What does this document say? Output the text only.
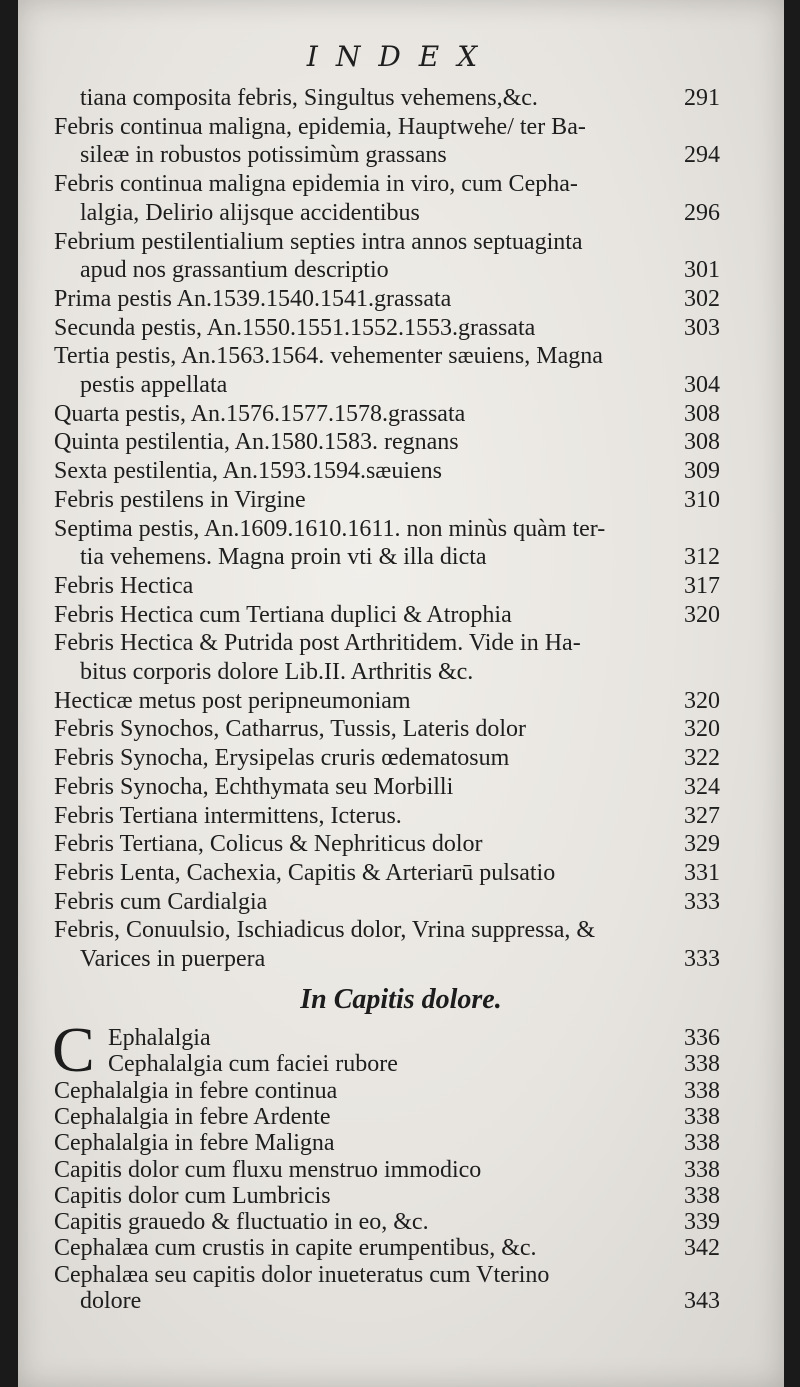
INDEX
tiana composita febris, Singultus vehemens,&c.	291
Febris continua maligna, epidemia, Hauptwehe/ ter Ba-
sileæ in robustos potissimùm grassans	294
Febris continua maligna epidemia in viro, cum Cepha-
lalgia, Delirio alijsque accidentibus	296
Febrium pestilentialium septies intra annos septuaginta
apud nos grassantium descriptio	301
Prima pestis An.1539.1540.1541.grassata	302
Secunda pestis, An.1550.1551.1552.1553.grassata	303
Tertia pestis, An.1563.1564. vehementer sæuiens, Magna
pestis appellata	304
Quarta pestis, An.1576.1577.1578.grassata	308
Quinta pestilentia, An.1580.1583. regnans	308
Sexta pestilentia, An.1593.1594.sæuiens	309
Febris pestilens in Virgine	310
Septima pestis, An.1609.1610.1611. non minùs quàm ter-
tia vehemens. Magna proin vti & illa dicta	312
Febris Hectica	317
Febris Hectica cum Tertiana duplici & Atrophia	320
Febris Hectica & Putrida post Arthritidem. Vide in Ha-
bitus corporis dolore Lib.II. Arthritis &c.
Hecticæ metus post peripneumoniam	320
Febris Synochos, Catharrus, Tussis, Lateris dolor	320
Febris Synocha, Erysipelas cruris œdematosum	322
Febris Synocha, Echthymata seu Morbilli	324
Febris Tertiana intermittens, Icterus.	327
Febris Tertiana, Colicus & Nephriticus dolor	329
Febris Lenta, Cachexia, Capitis & Arteriarū pulsatio	331
Febris cum Cardialgia	333
Febris, Conuulsio, Ischiadicus dolor, Vrina suppressa, &
Varices in puerpera	333
In Capitis dolore.
C Ephalalgia	336
Cephalalgia cum faciei rubore	338
Cephalalgia in febre continua	338
Cephalalgia in febre Ardente	338
Cephalalgia in febre Maligna	338
Capitis dolor cum fluxu menstruo immodico	338
Capitis dolor cum Lumbricis	338
Capitis grauedo & fluctuatio in eo, &c.	339
Cephalæa cum crustis in capite erumpentibus, &c.	342
Cephalæa seu capitis dolor inueteratus cum Vterino
dolore	343
